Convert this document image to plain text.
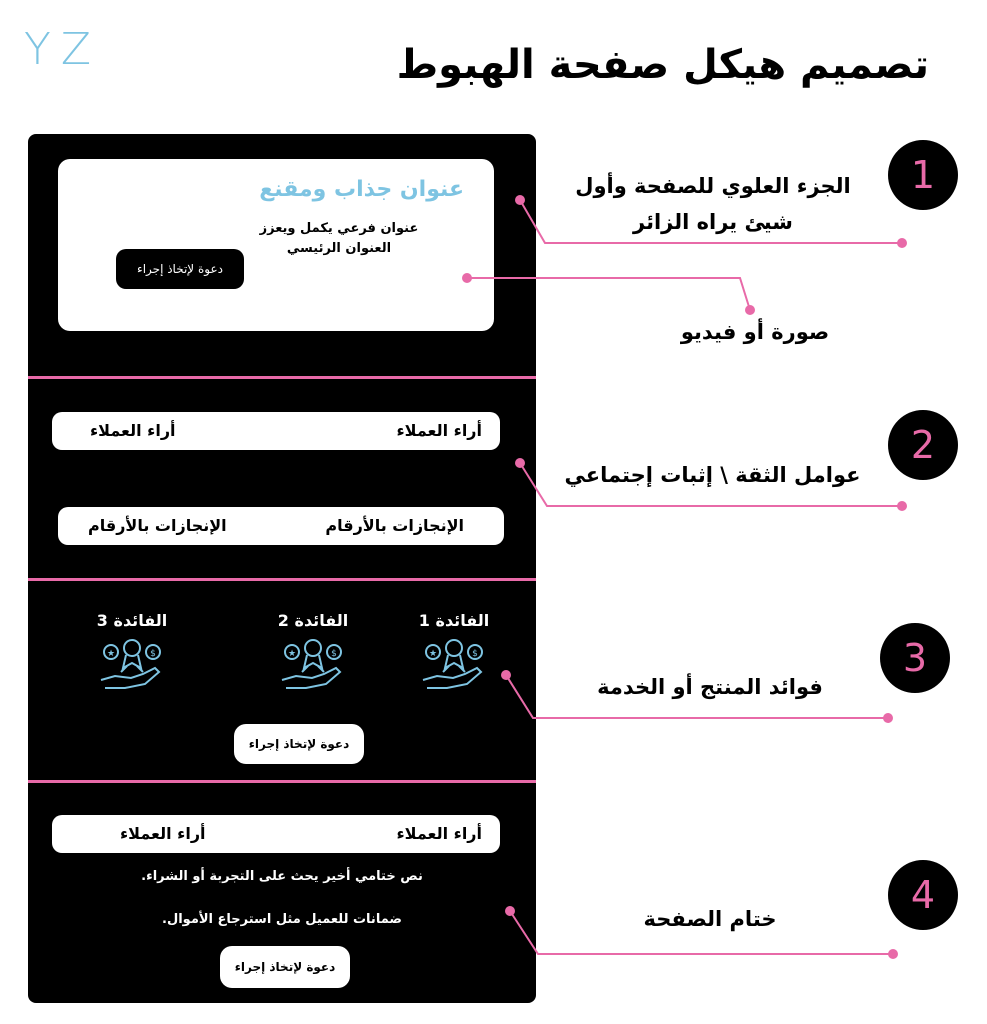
YZ	تصميم هيكل صفحة الهبوط
عنوان جذاب ومقنع
عنوان فرعي يكمل ويعزز العنوان الرئيسي
دعوة لإتخاذ إجراء
أراء العملاء
أراء العملاء
الإنجازات بالأرقام
الإنجازات بالأرقام
الفائدة 1
★	$
الفائدة 2
★	$
الفائدة 3
★	$
دعوة لإتخاذ إجراء
أراء العملاء
أراء العملاء
نص ختامي أخير يحث على التجربة أو الشراء.
ضمانات للعميل مثل استرجاع الأموال.
دعوة لإتخاذ إجراء
الجزء العلوي للصفحة وأول شيئ يراه الزائر
صورة أو فيديو
عوامل الثقة \ إثبات إجتماعي
فوائد المنتج أو الخدمة
ختام الصفحة
1
2
3
4
